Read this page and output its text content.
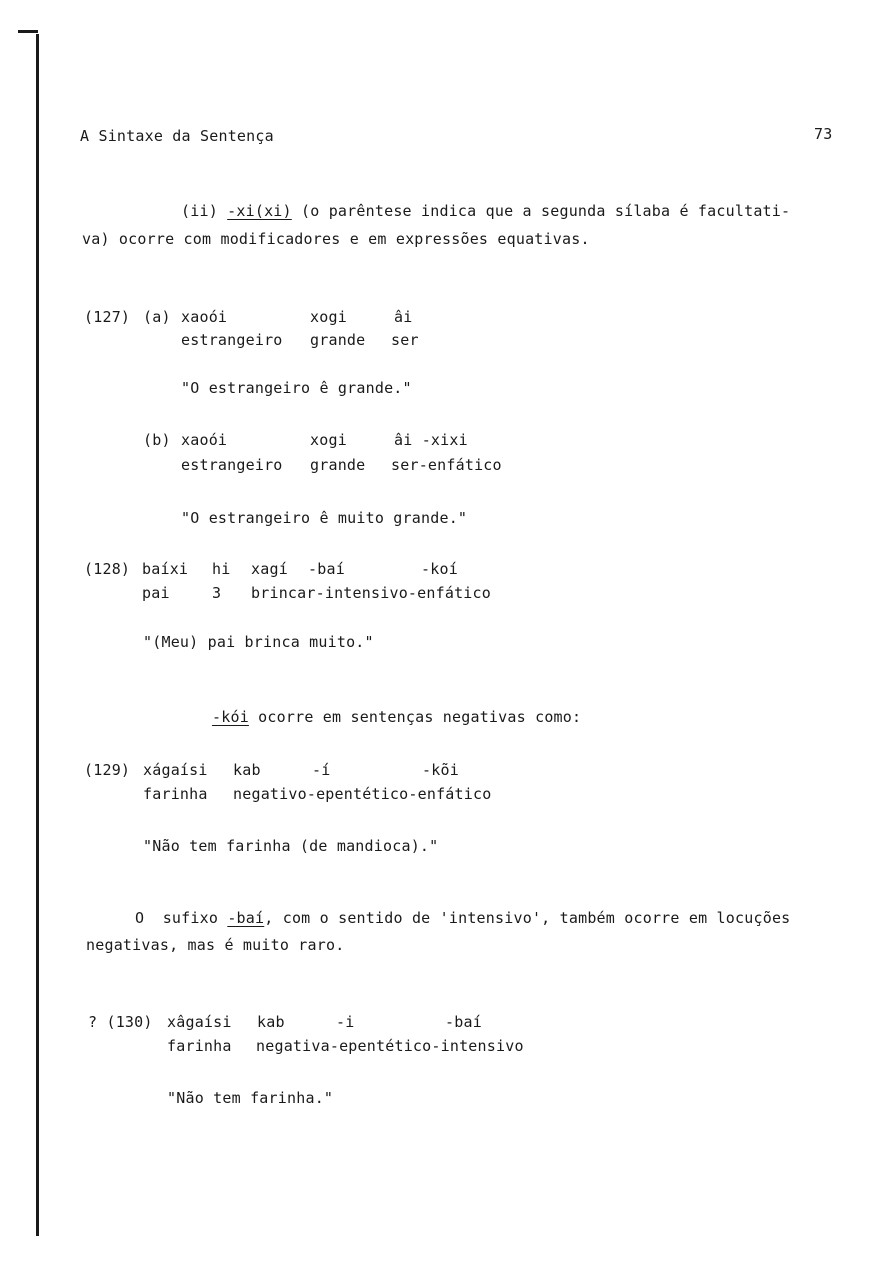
A Sintaxe da Sentença	73
(ii) -xi(xi) (o parêntese indica que a segunda sílaba é facultati-
va) ocorre com modificadores e em expressões equativas.
(127) (a) xaoói	xogi	âi
estrangeiro grande ser
"O estrangeiro ê grande."
(b) xaoói	xogi	âi -xixi
estrangeiro grande ser-enfático
"O estrangeiro ê muito grande."
(128) baíxi hi xagí -baí	-koí
pai	3 brincar-intensivo-enfático
"(Meu) pai brinca muito."
-kói ocorre em sentenças negativas como:
(129) xágaísi kab	-í	-kõi
farinha negativo-epentético-enfático
"Não tem farinha (de mandioca)."
O  sufixo -baí, com o sentido de 'intensivo', também ocorre em locuções
negativas, mas é muito raro.
? (130) xâgaísi kab	-i	-baí
farinha negativa-epentético-intensivo
"Não tem farinha."
